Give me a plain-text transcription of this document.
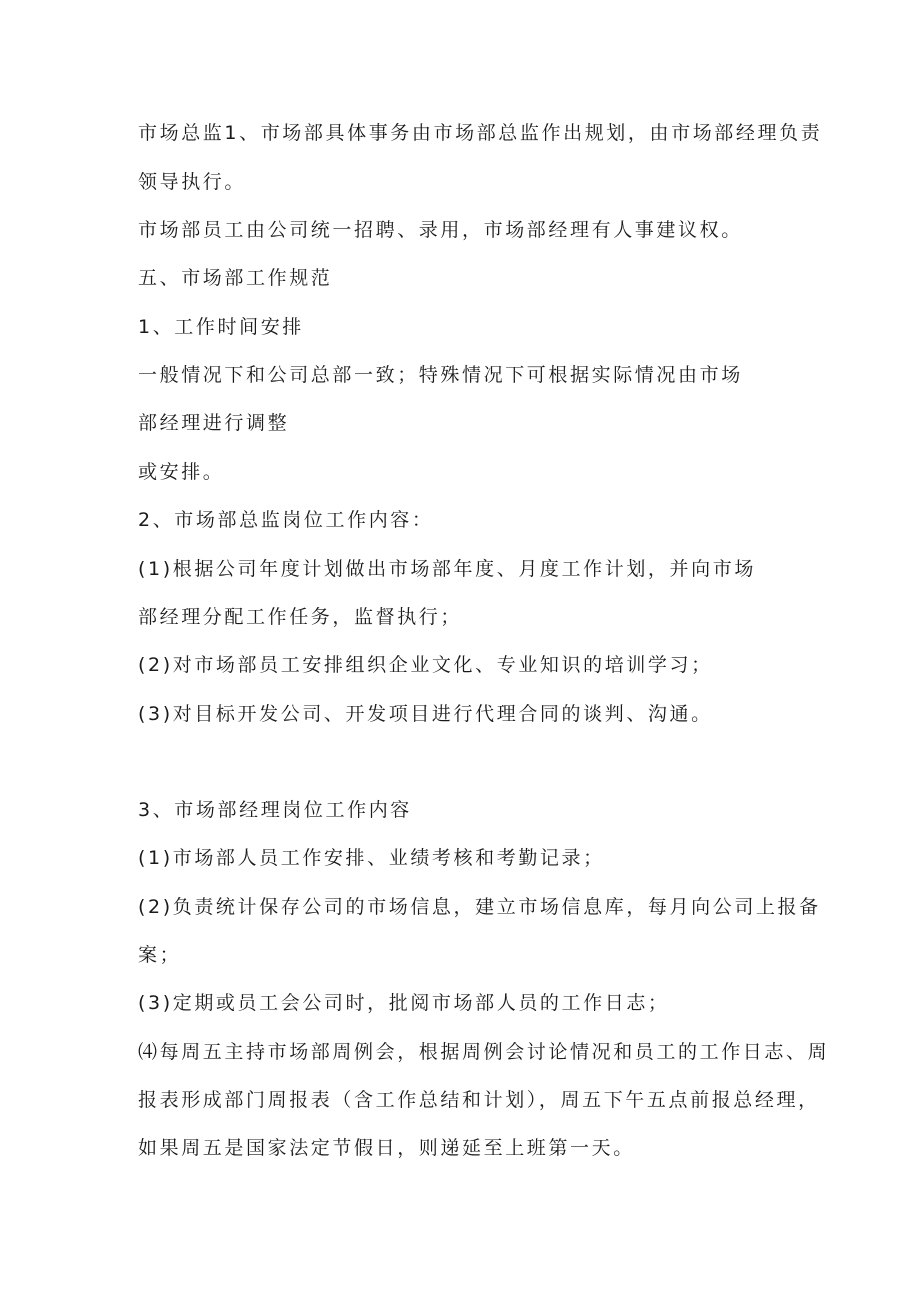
市场总监1、市场部具体事务由市场部总监作出规划，由市场部经理负责
领导执行。
市场部员工由公司统一招聘、录用，市场部经理有人事建议权。
五、市场部工作规范
1、工作时间安排
一般情况下和公司总部一致；特殊情况下可根据实际情况由市场
部经理进行调整
或安排。
2、市场部总监岗位工作内容：
(1)根据公司年度计划做出市场部年度、月度工作计划，并向市场
部经理分配工作任务，监督执行；
(2)对市场部员工安排组织企业文化、专业知识的培训学习；
(3)对目标开发公司、开发项目进行代理合同的谈判、沟通。
3、市场部经理岗位工作内容
(1)市场部人员工作安排、业绩考核和考勤记录；
(2)负责统计保存公司的市场信息，建立市场信息库，每月向公司上报备
案；
(3)定期或员工会公司时，批阅市场部人员的工作日志；
⑷每周五主持市场部周例会，根据周例会讨论情况和员工的工作日志、周
报表形成部门周报表（含工作总结和计划），周五下午五点前报总经理，
如果周五是国家法定节假日，则递延至上班第一天。
